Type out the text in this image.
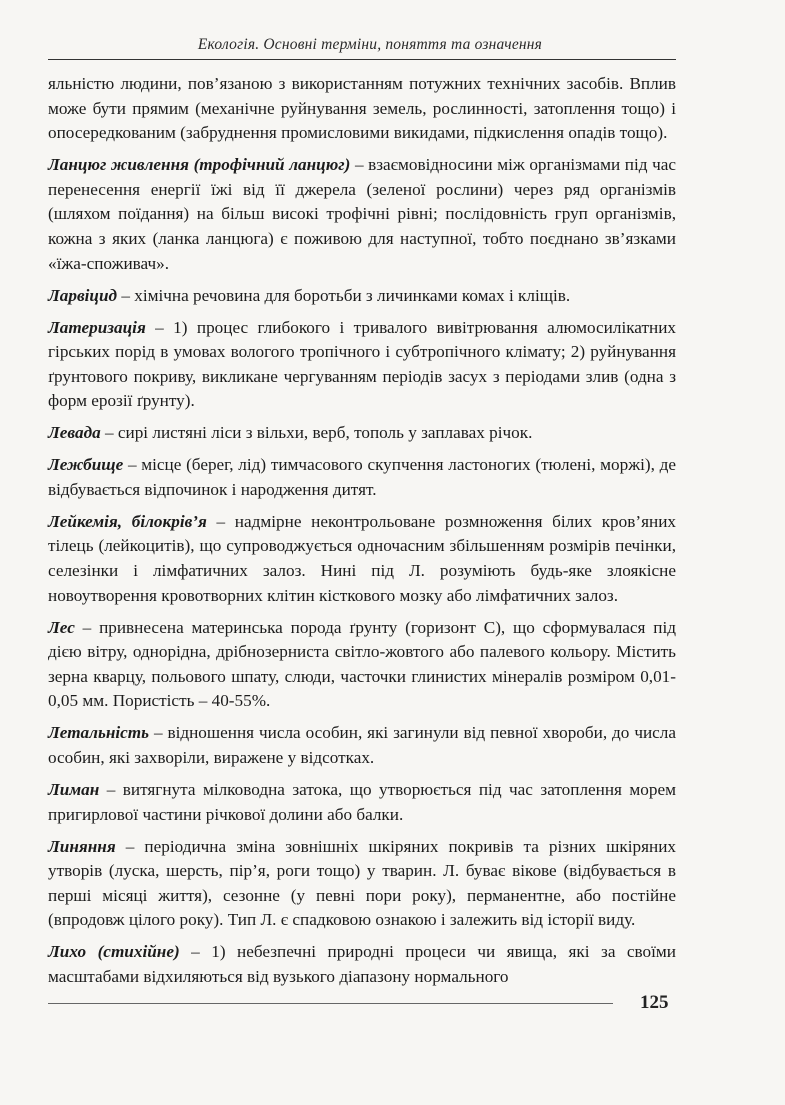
Екологія. Основні терміни, поняття та означення

яльністю людини, пов’язаною з використанням потужних технічних засобів. Вплив може бути прямим (механічне руйнування земель, рослинності, затоплення тощо) і опосередкованим (забруднення промисловими викидами, підкислення опадів тощо).

Ланцюг живлення (трофічний ланцюг) – взаємовідносини між організмами під час перенесення енергії їжі від її джерела (зеленої рослини) через ряд організмів (шляхом поїдання) на більш високі трофічні рівні; послідовність груп організмів, кожна з яких (ланка ланцюга) є поживою для наступної, тобто поєднано зв’язками «їжа-споживач».

Ларвіцид – хімічна речовина для боротьби з личинками комах і кліщів.

Латеризація – 1) процес глибокого і тривалого вивітрювання алюмосилікатних гірських порід в умовах вологого тропічного і субтропічного клімату; 2) руйнування ґрунтового покриву, викликане чергуванням періодів засух з періодами злив (одна з форм ерозії ґрунту).

Левада – сирі листяні ліси з вільхи, верб, тополь у заплавах річок.

Лежбище – місце (берег, лід) тимчасового скупчення ластоногих (тюлені, моржі), де відбувається відпочинок і народження дитят.

Лейкемія, білокрів’я – надмірне неконтрольоване розмноження білих кров’яних тілець (лейкоцитів), що супроводжується одночасним збільшенням розмірів печінки, селезінки і лімфатичних залоз. Нині під Л. розуміють будь-яке злоякісне новоутворення кровотворних клітин кісткового мозку або лімфатичних залоз.

Лес – привнесена материнська порода ґрунту (горизонт С), що сформувалася під дією вітру, однорідна, дрібнозерниста світло-жовтого або палевого кольору. Містить зерна кварцу, польового шпату, слюди, часточки глинистих мінералів розміром 0,01-0,05 мм. Пористість – 40-55%.

Летальність – відношення числа особин, які загинули від певної хвороби, до числа особин, які захворіли, виражене у відсотках.

Лиман – витягнута мілководна затока, що утворюється під час затоплення морем пригирлової частини річкової долини або балки.

Линяння – періодична зміна зовнішніх шкіряних покривів та різних шкіряних утворів (луска, шерсть, пір’я, роги тощо) у тварин. Л. буває вікове (відбувається в перші місяці життя), сезонне (у певні пори року), перманентне, або постійне (впродовж цілого року). Тип Л. є спадковою ознакою і залежить від історії виду.

Лихо (стихійне) – 1) небезпечні природні процеси чи явища, які за своїми масштабами відхиляються від вузького діапазону нормального

125
